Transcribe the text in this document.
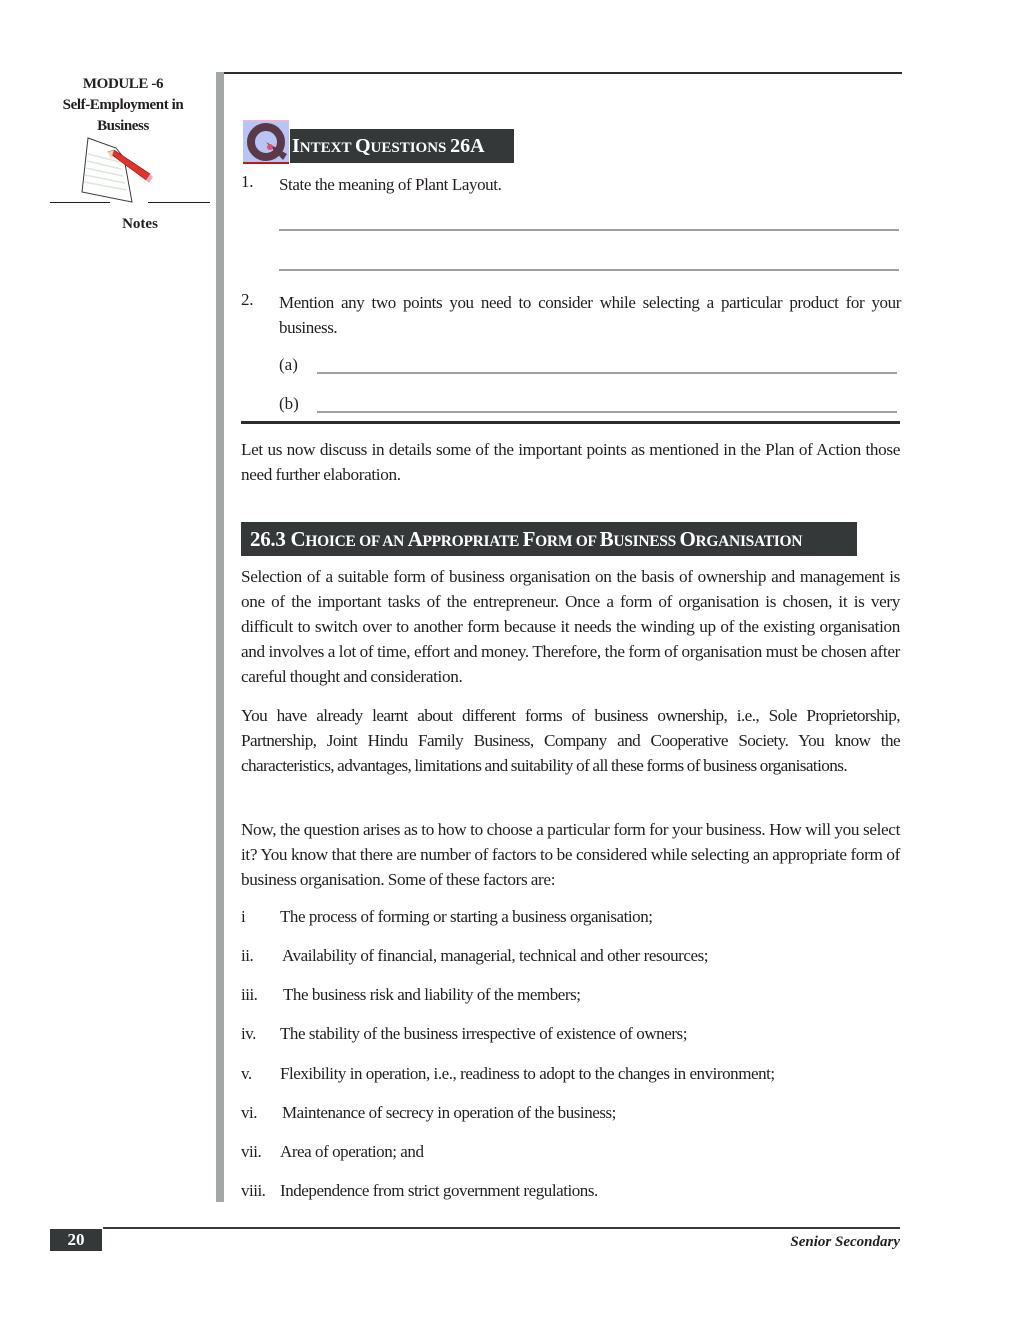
MODULE -6
Self-Employment in
Business
Notes
INTEXT QUESTIONS 26A
1. State the meaning of Plant Layout.
2. Mention any two points you need to consider while selecting a particular product for your business.
(a)
(b)
Let us now discuss in details some of the important points as mentioned in the Plan of Action those need further elaboration.
26.3 CHOICE OF AN APPROPRIATE FORM OF BUSINESS ORGANISATION
Selection of a suitable form of business organisation on the basis of ownership and management is one of the important tasks of the entrepreneur. Once a form of organisation is chosen, it is very difficult to switch over to another form because it needs the winding up of the existing organisation and involves a lot of time, effort and money. Therefore, the form of organisation must be chosen after careful thought and consideration.
You have already learnt about different forms of business ownership, i.e., Sole Proprietorship, Partnership, Joint Hindu Family Business, Company and Cooperative Society. You know the characteristics, advantages, limitations and suitability of all these forms of business organisations.
Now, the question arises as to how to choose a particular form for your business. How will you select it? You know that there are number of factors to be considered while selecting an appropriate form of business organisation. Some of these factors are:
i The process of forming or starting a business organisation;
ii. Availability of financial, managerial, technical and other resources;
iii. The business risk and liability of the members;
iv. The stability of the business irrespective of existence of owners;
v. Flexibility in operation, i.e., readiness to adopt to the changes in environment;
vi. Maintenance of secrecy in operation of the business;
vii. Area of operation; and
viii. Independence from strict government regulations.
20	Senior Secondary
